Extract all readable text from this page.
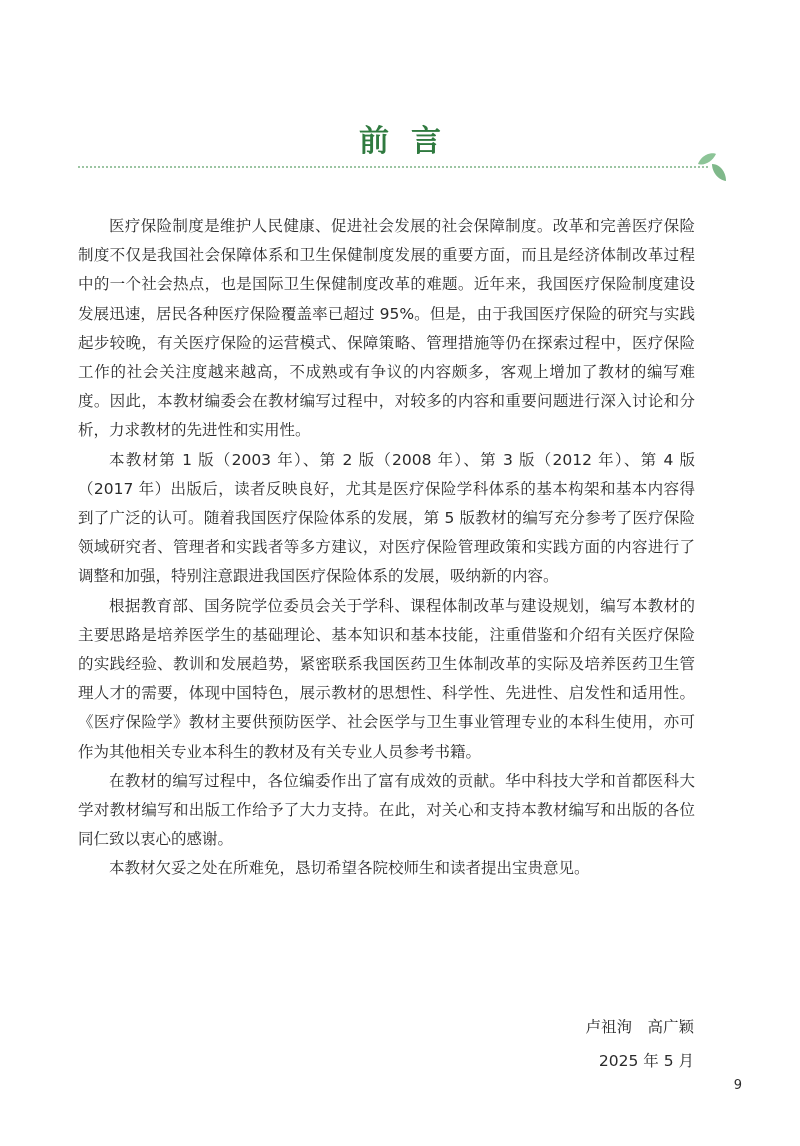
前言

医疗保险制度是维护人民健康、促进社会发展的社会保障制度。改革和完善医疗保险制度不仅是我国社会保障体系和卫生保健制度发展的重要方面，而且是经济体制改革过程中的一个社会热点，也是国际卫生保健制度改革的难题。近年来，我国医疗保险制度建设发展迅速，居民各种医疗保险覆盖率已超过 95%。但是，由于我国医疗保险的研究与实践起步较晚，有关医疗保险的运营模式、保障策略、管理措施等仍在探索过程中，医疗保险工作的社会关注度越来越高，不成熟或有争议的内容颇多，客观上增加了教材的编写难度。因此，本教材编委会在教材编写过程中，对较多的内容和重要问题进行深入讨论和分析，力求教材的先进性和实用性。

本教材第 1 版（2003 年）、第 2 版（2008 年）、第 3 版（2012 年）、第 4 版（2017 年）出版后，读者反映良好，尤其是医疗保险学科体系的基本构架和基本内容得到了广泛的认可。随着我国医疗保险体系的发展，第 5 版教材的编写充分参考了医疗保险领域研究者、管理者和实践者等多方建议，对医疗保险管理政策和实践方面的内容进行了调整和加强，特别注意跟进我国医疗保险体系的发展，吸纳新的内容。

根据教育部、国务院学位委员会关于学科、课程体制改革与建设规划，编写本教材的主要思路是培养医学生的基础理论、基本知识和基本技能，注重借鉴和介绍有关医疗保险的实践经验、教训和发展趋势，紧密联系我国医药卫生体制改革的实际及培养医药卫生管理人才的需要，体现中国特色，展示教材的思想性、科学性、先进性、启发性和适用性。《医疗保险学》教材主要供预防医学、社会医学与卫生事业管理专业的本科生使用，亦可作为其他相关专业本科生的教材及有关专业人员参考书籍。

在教材的编写过程中，各位编委作出了富有成效的贡献。华中科技大学和首都医科大学对教材编写和出版工作给予了大力支持。在此，对关心和支持本教材编写和出版的各位同仁致以衷心的感谢。

本教材欠妥之处在所难免，恳切希望各院校师生和读者提出宝贵意见。

卢祖洵　高广颖
2025 年 5 月
9
